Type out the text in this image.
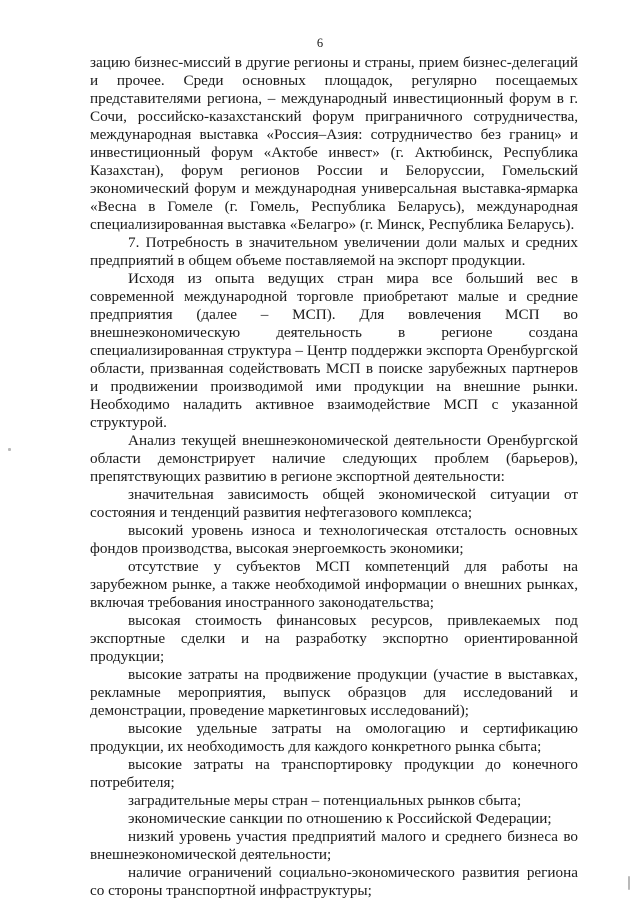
6

зацию бизнес-миссий в другие регионы и страны, прием бизнес-делегаций и прочее. Среди основных площадок, регулярно посещаемых представителями региона, – международный инвестиционный форум в г. Сочи, российско-казахстанский форум приграничного сотрудничества, международная выставка «Россия–Азия: сотрудничество без границ» и инвестиционный форум «Актобе инвест» (г. Актюбинск, Республика Казахстан), форум регионов России и Белоруссии, Гомельский экономический форум и международная универсальная выставка-ярмарка «Весна в Гомеле (г. Гомель, Республика Беларусь), международная специализированная выставка «Белагро» (г. Минск, Республика Беларусь).

7. Потребность в значительном увеличении доли малых и средних предприятий в общем объеме поставляемой на экспорт продукции.

Исходя из опыта ведущих стран мира все больший вес в современной международной торговле приобретают малые и средние предприятия (далее – МСП). Для вовлечения МСП во внешнеэкономическую деятельность в регионе создана специализированная структура – Центр поддержки экспорта Оренбургской области, призванная содействовать МСП в поиске зарубежных партнеров и продвижении производимой ими продукции на внешние рынки. Необходимо наладить активное взаимодействие МСП с указанной структурой.

Анализ текущей внешнеэкономической деятельности Оренбургской области демонстрирует наличие следующих проблем (барьеров), препятствующих развитию в регионе экспортной деятельности:

значительная зависимость общей экономической ситуации от состояния и тенденций развития нефтегазового комплекса;

высокий уровень износа и технологическая отсталость основных фондов производства, высокая энергоемкость экономики;

отсутствие у субъектов МСП компетенций для работы на зарубежном рынке, а также необходимой информации о внешних рынках, включая требования иностранного законодательства;

высокая стоимость финансовых ресурсов, привлекаемых под экспортные сделки и на разработку экспортно ориентированной продукции;

высокие затраты на продвижение продукции (участие в выставках, рекламные мероприятия, выпуск образцов для исследований и демонстрации, проведение маркетинговых исследований);

высокие удельные затраты на омологацию и сертификацию продукции, их необходимость для каждого конкретного рынка сбыта;

высокие затраты на транспортировку продукции до конечного потребителя;

заградительные меры стран – потенциальных рынков сбыта;

экономические санкции по отношению к Российской Федерации;

низкий уровень участия предприятий малого и среднего бизнеса во внешнеэкономической деятельности;

наличие ограничений социально-экономического развития региона со стороны транспортной инфраструктуры;
